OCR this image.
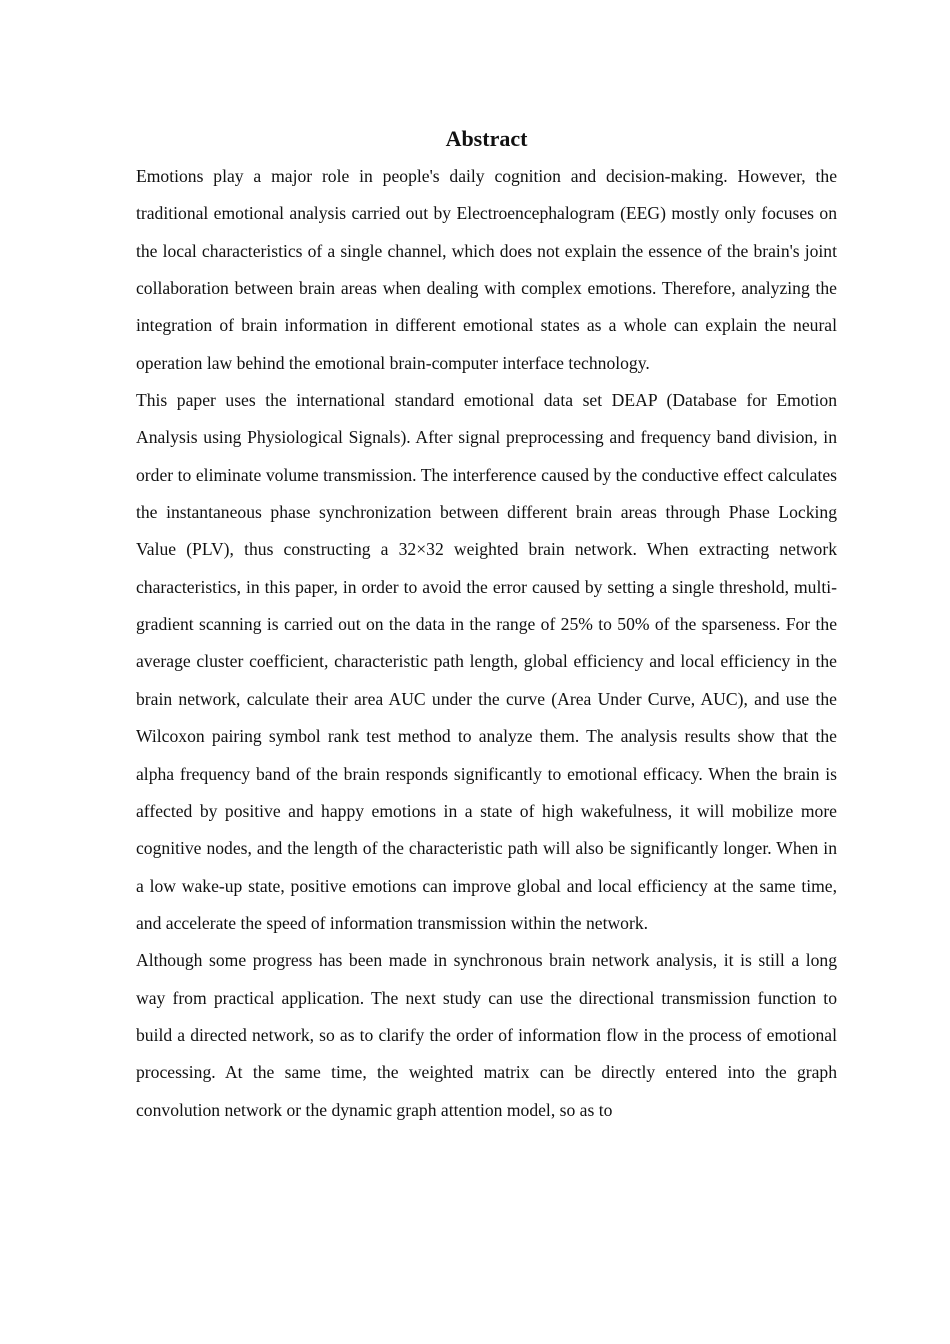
Abstract

Emotions play a major role in people's daily cognition and decision-making. However, the traditional emotional analysis carried out by Electroencephalogram (EEG) mostly only focuses on the local characteristics of a single channel, which does not explain the essence of the brain's joint collaboration between brain areas when dealing with complex emotions. Therefore, analyzing the integration of brain information in different emotional states as a whole can explain the neural operation law behind the emotional brain-computer interface technology.

This paper uses the international standard emotional data set DEAP (Database for Emotion Analysis using Physiological Signals). After signal preprocessing and frequency band division, in order to eliminate volume transmission. The interference caused by the conductive effect calculates the instantaneous phase synchronization between different brain areas through Phase Locking Value (PLV), thus constructing a 32×32 weighted brain network. When extracting network characteristics, in this paper, in order to avoid the error caused by setting a single threshold, multi-gradient scanning is carried out on the data in the range of 25% to 50% of the sparseness. For the average cluster coefficient, characteristic path length, global efficiency and local efficiency in the brain network, calculate their area AUC under the curve (Area Under Curve, AUC), and use the Wilcoxon pairing symbol rank test method to analyze them. The analysis results show that the alpha frequency band of the brain responds significantly to emotional efficacy. When the brain is affected by positive and happy emotions in a state of high wakefulness, it will mobilize more cognitive nodes, and the length of the characteristic path will also be significantly longer. When in a low wake-up state, positive emotions can improve global and local efficiency at the same time, and accelerate the speed of information transmission within the network.

Although some progress has been made in synchronous brain network analysis, it is still a long way from practical application. The next study can use the directional transmission function to build a directed network, so as to clarify the order of information flow in the process of emotional processing. At the same time, the weighted matrix can be directly entered into the graph convolution network or the dynamic graph attention model, so as to
